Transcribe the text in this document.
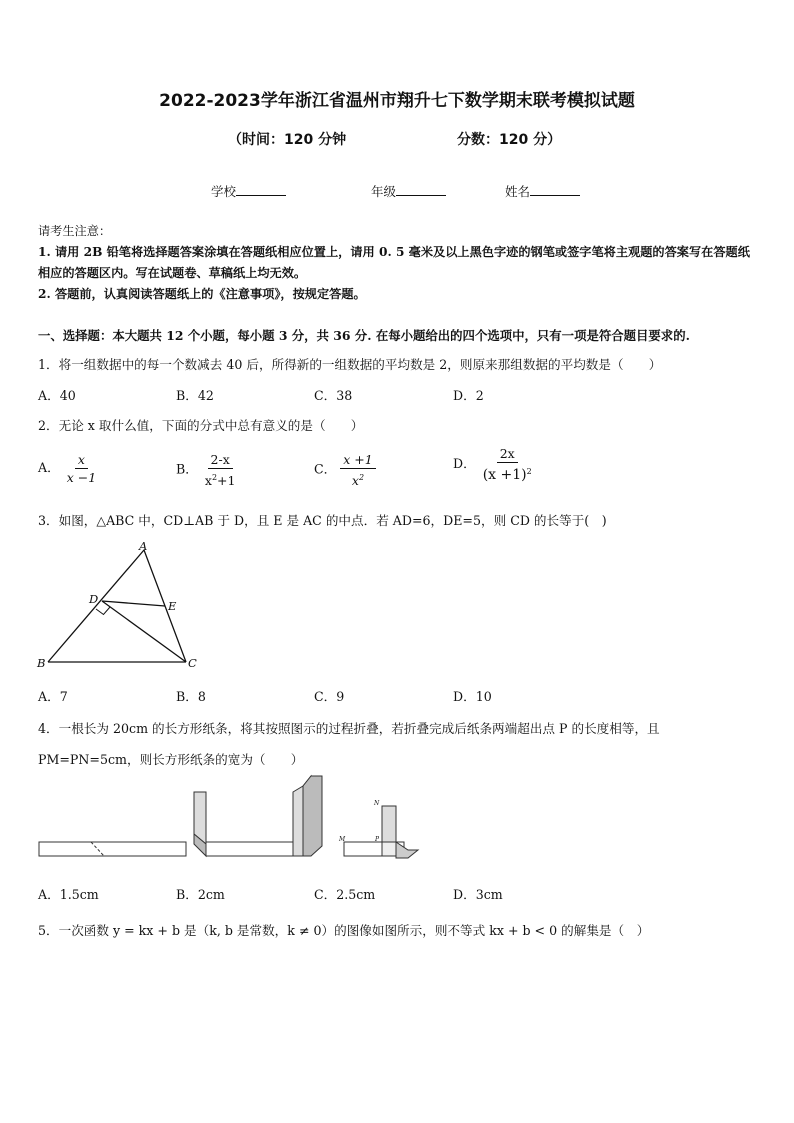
2022-2023学年浙江省温州市翔升七下数学期末联考模拟试题
（时间：120 分钟	分数：120 分）
学校	年级	姓名
请考生注意：
1. 请用 2B 铅笔将选择题答案涂填在答题纸相应位置上，请用 0. 5 毫米及以上黑色字迹的钢笔或签字笔将主观题的答案写在答题纸相应的答题区内。写在试题卷、草稿纸上均无效。
2. 答题前，认真阅读答题纸上的《注意事项》，按规定答题。
一、选择题：本大题共 12 个小题，每小题 3 分，共 36 分. 在每小题给出的四个选项中，只有一项是符合题目要求的.
1．将一组数据中的每一个数减去 40 后，所得新的一组数据的平均数是 2，则原来那组数据的平均数是（　　）
A．40	B．42	C．38	D．2
2．无论 x 取什么值，下面的分式中总有意义的是（　　）
A． $\frac{x}{x -1}$	B． $\frac{2-x}{x^2+1}$	C． $\frac{x +1}{x^2}$	D． $\frac{2x}{(x +1)^2}$
3．如图，△ABC 中，CD⊥AB 于 D，且 E 是 AC 的中点．若 AD=6，DE=5，则 CD 的长等于(　)
A
B	C
D	E
A．7	B．8	C．9	D．10
4．一根长为 20cm 的长方形纸条，将其按照图示的过程折叠，若折叠完成后纸条两端超出点 P 的长度相等，且
PM=PN=5cm，则长方形纸条的宽为（　　）
N
M	P
A．1.5cm	B．2cm	C．2.5cm	D．3cm
5．一次函数 y = kx + b 是（k, b 是常数，k ≠ 0）的图像如图所示，则不等式 kx + b < 0 的解集是（　）
